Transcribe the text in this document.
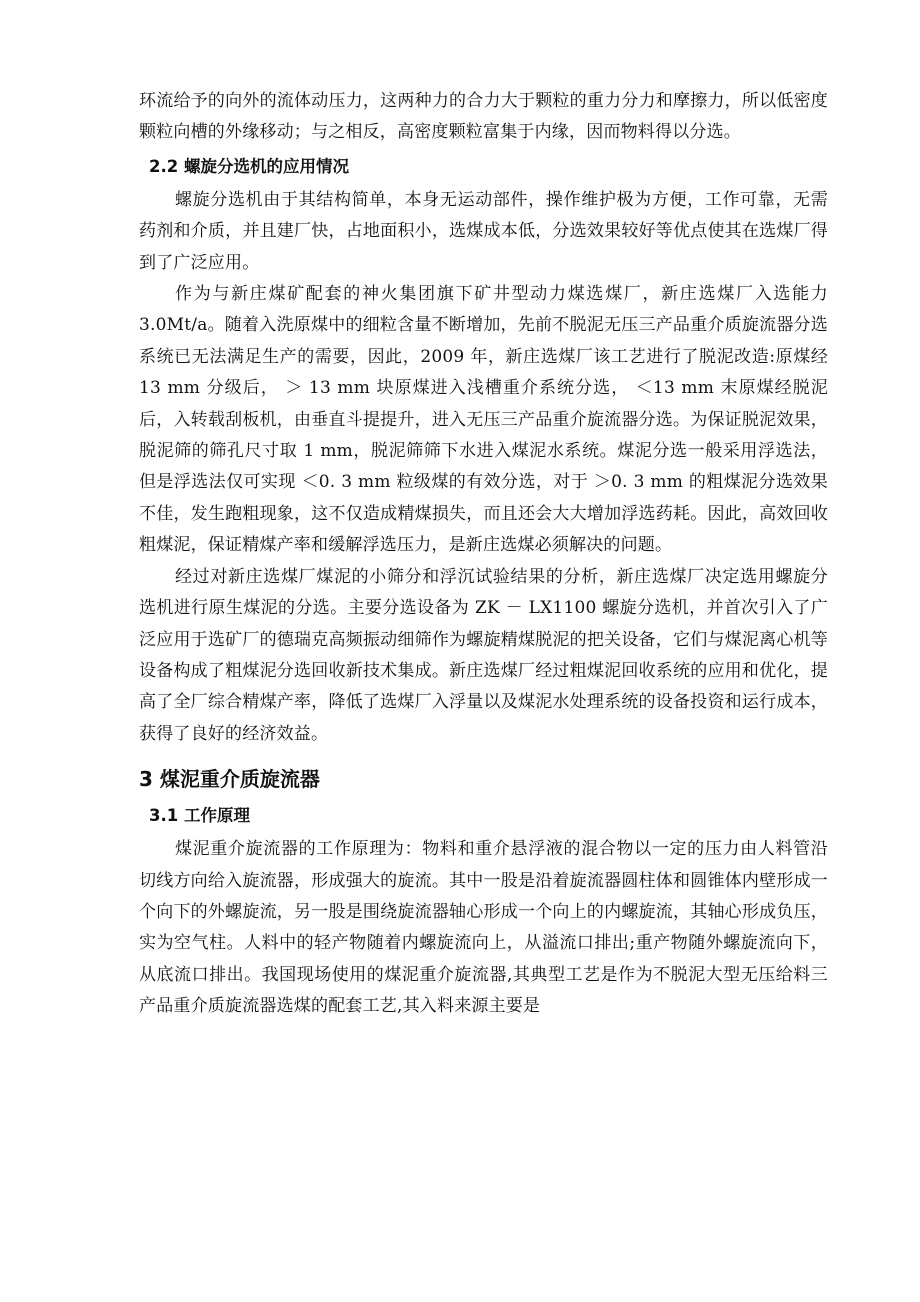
环流给予的向外的流体动压力，这两种力的合力大于颗粒的重力分力和摩擦力，所以低密度颗粒向槽的外缘移动；与之相反，高密度颗粒富集于内缘，因而物料得以分选。

2.2 螺旋分选机的应用情况

螺旋分选机由于其结构简单，本身无运动部件，操作维护极为方便，工作可靠，无需药剂和介质，并且建厂快，占地面积小，选煤成本低，分选效果较好等优点使其在选煤厂得到了广泛应用。

作为与新庄煤矿配套的神火集团旗下矿井型动力煤选煤厂，新庄选煤厂入选能力 3.0Mt/a。随着入洗原煤中的细粒含量不断增加，先前不脱泥无压三产品重介质旋流器分选系统已无法满足生产的需要，因此，2009 年，新庄选煤厂该工艺进行了脱泥改造:原煤经 13 mm 分级后， ＞ 13 mm 块原煤进入浅槽重介系统分选， ＜13 mm 末原煤经脱泥后，入转载刮板机，由垂直斗提提升，进入无压三产品重介旋流器分选。为保证脱泥效果，脱泥筛的筛孔尺寸取 1 mm，脱泥筛筛下水进入煤泥水系统。煤泥分选一般采用浮选法，但是浮选法仅可实现 ＜0. 3 mm 粒级煤的有效分选，对于 ＞0. 3 mm 的粗煤泥分选效果不佳，发生跑粗现象，这不仅造成精煤损失，而且还会大大增加浮选药耗。因此，高效回收粗煤泥，保证精煤产率和缓解浮选压力，是新庄选煤必须解决的问题。

经过对新庄选煤厂煤泥的小筛分和浮沉试验结果的分析，新庄选煤厂决定选用螺旋分选机进行原生煤泥的分选。主要分选设备为 ZK － LX1100 螺旋分选机，并首次引入了广泛应用于选矿厂的德瑞克高频振动细筛作为螺旋精煤脱泥的把关设备，它们与煤泥离心机等设备构成了粗煤泥分选回收新技术集成。新庄选煤厂经过粗煤泥回收系统的应用和优化，提高了全厂综合精煤产率，降低了选煤厂入浮量以及煤泥水处理系统的设备投资和运行成本，获得了良好的经济效益。

3 煤泥重介质旋流器
3.1 工作原理

煤泥重介旋流器的工作原理为：物料和重介悬浮液的混合物以一定的压力由人料管沿切线方向给入旋流器，形成强大的旋流。其中一股是沿着旋流器圆柱体和圆锥体内壁形成一个向下的外螺旋流，另一股是围绕旋流器轴心形成一个向上的内螺旋流，其轴心形成负压，实为空气柱。人料中的轻产物随着内螺旋流向上，从溢流口排出;重产物随外螺旋流向下，从底流口排出。我国现场使用的煤泥重介旋流器,其典型工艺是作为不脱泥大型无压给料三产品重介质旋流器选煤的配套工艺,其入料来源主要是
